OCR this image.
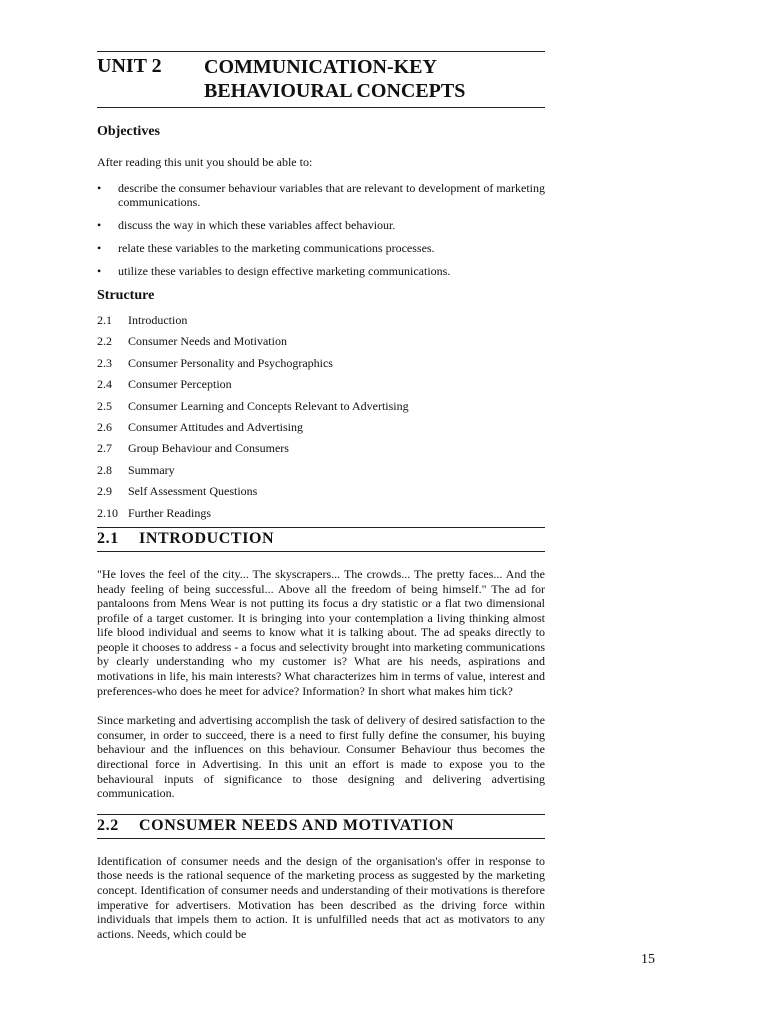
UNIT 2	COMMUNICATION-KEY
BEHAVIOURAL CONCEPTS
Objectives
After reading this unit you should be able to:
•	describe the consumer behaviour variables that are relevant to development of marketing communications.
•	discuss the way in which these variables affect behaviour.
•	relate these variables to the marketing communications processes.
•	utilize these variables to design effective marketing communications.
Structure
2.1	Introduction
2.2	Consumer Needs and Motivation
2.3	Consumer Personality and Psychographics
2.4	Consumer Perception
2.5	Consumer Learning and Concepts Relevant to Advertising
2.6	Consumer Attitudes and Advertising
2.7	Group Behaviour and Consumers
2.8	Summary
2.9	Self Assessment Questions
2.10 Further Readings
2.1	INTRODUCTION

"He loves the feel of the city... The skyscrapers... The crowds... The pretty faces... And the heady feeling of being successful... Above all the freedom of being himself." The ad for pantaloons from Mens Wear is not putting its focus a dry statistic or a flat two dimensional profile of a target customer. It is bringing into your contemplation a living thinking almost life blood individual and seems to know what it is talking about. The ad speaks directly to people it chooses to address - a focus and selectivity brought into marketing communications by clearly understanding who my customer is? What are his needs, aspirations and motivations in life, his main interests? What characterizes him in terms of value, interest and preferences-who does he meet for advice? Information? In short what makes him tick?

Since marketing and advertising accomplish the task of delivery of desired satisfaction to the consumer, in order to succeed, there is a need to first fully define the consumer, his buying behaviour and the influences on this behaviour. Consumer Behaviour thus becomes the directional force in Advertising. In this unit an effort is made to expose you to the behavioural inputs of significance to those designing and delivering advertising communication.

2.2	CONSUMER NEEDS AND MOTIVATION

Identification of consumer needs and the design of the organisation's offer in response to those needs is the rational sequence of the marketing process as suggested by the marketing concept. Identification of consumer needs and understanding of their motivations is therefore imperative for advertisers. Motivation has been described as the driving force within individuals that impels them to action. It is unfulfilled needs that act as motivators to any actions. Needs, which could be

15
